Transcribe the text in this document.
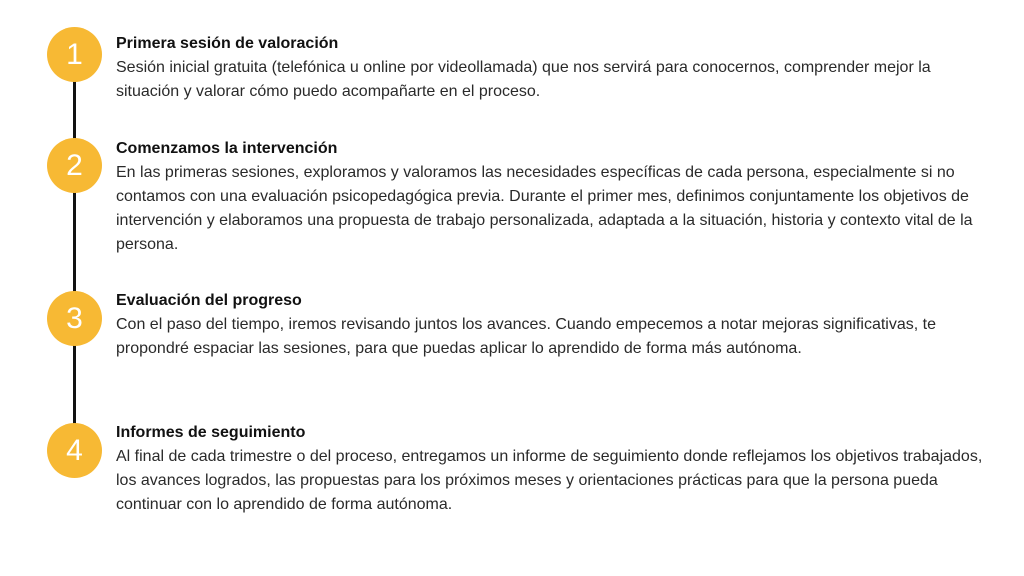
1 Primera sesión de valoración
Sesión inicial gratuita (telefónica u online por videollamada) que nos servirá para conocernos, comprender mejor la situación y valorar cómo puedo acompañarte en el proceso.
2 Comenzamos la intervención
En las primeras sesiones, exploramos y valoramos las necesidades específicas de cada persona, especialmente si no contamos con una evaluación psicopedagógica previa. Durante el primer mes, definimos conjuntamente los objetivos de intervención y elaboramos una propuesta de trabajo personalizada, adaptada a la situación, historia y contexto vital de la persona.
3
Evaluación del progreso
Con el paso del tiempo, iremos revisando juntos los avances. Cuando empecemos a notar mejoras significativas, te propondré espaciar las sesiones, para que puedas aplicar lo aprendido de forma más autónoma.
4
Informes de seguimiento
Al final de cada trimestre o del proceso, entregamos un informe de seguimiento donde reflejamos los objetivos trabajados, los avances logrados, las propuestas para los próximos meses y orientaciones prácticas para que la persona pueda continuar con lo aprendido de forma autónoma.
